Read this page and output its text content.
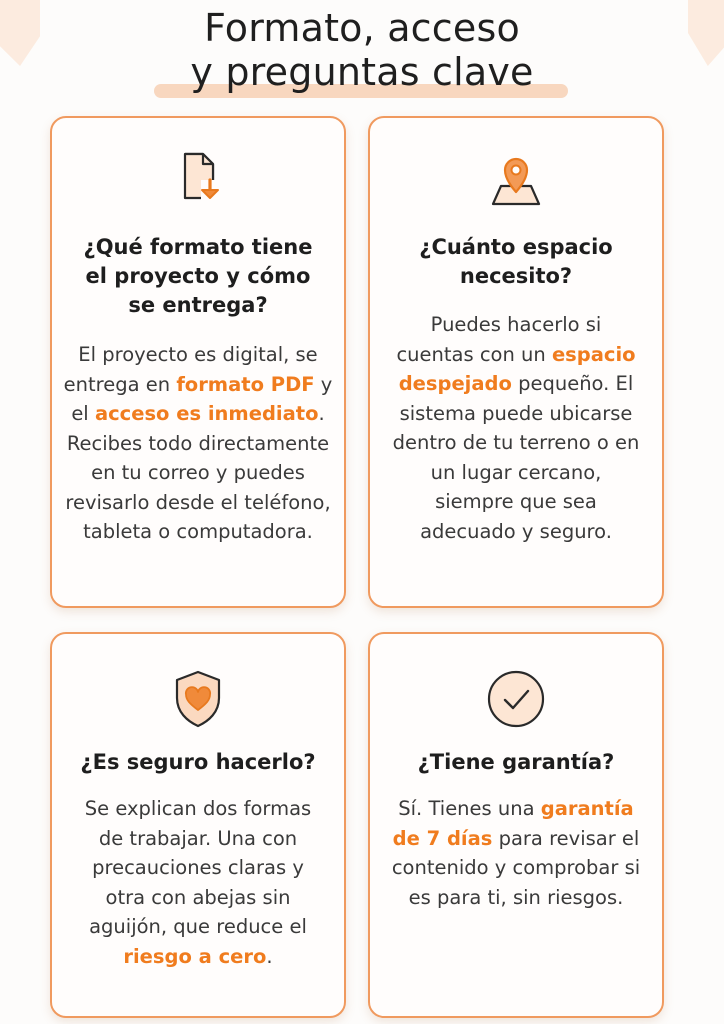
Formato, acceso
y preguntas clave
¿Qué formato tiene
el proyecto y cómo
se entrega?
El proyecto es digital, se entrega en formato PDF y el acceso es inmediato. Recibes todo directamente en tu correo y puedes revisarlo desde el teléfono, tableta o computadora.
¿Cuánto espacio
necesito?
Puedes hacerlo si cuentas con un espacio despejado pequeño. El sistema puede ubicarse dentro de tu terreno o en un lugar cercano, siempre que sea adecuado y seguro.
¿Es seguro hacerlo?
Se explican dos formas de trabajar. Una con precauciones claras y otra con abejas sin aguijón, que reduce el riesgo a cero.
¿Tiene garantía?
Sí. Tienes una garantía de 7 días para revisar el contenido y comprobar si es para ti, sin riesgos.
